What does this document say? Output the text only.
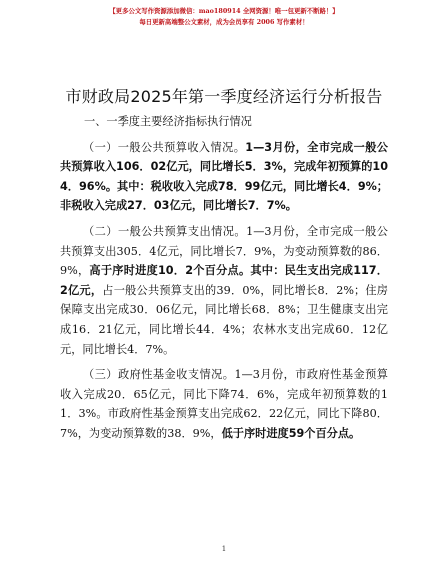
【更多公文写作资源添加微信：mao180914 全网资源！唯一包更新不断路！】
每日更新高端整公文素材，成为会员享有 2006 写作素材！
市财政局2025年第一季度经济运行分析报告

一、一季度主要经济指标执行情况

（一）一般公共预算收入情况。1—3月份，全市完成一般公共预算收入106．02亿元，同比增长5．3%，完成年初预算的104．96%。其中：税收收入完成78．99亿元，同比增长4．9%；非税收入完成27．03亿元，同比增长7．7%。

（二）一般公共预算支出情况。1—3月份，全市完成一般公共预算支出305．4亿元，同比增长7．9%，为变动预算数的86．9%，高于序时进度10．2个百分点。其中：民生支出完成117．2亿元，占一般公共预算支出的39．0%，同比增长8．2%；住房保障支出完成30．06亿元，同比增长68．8%；卫生健康支出完成16．21亿元，同比增长44．4%；农林水支出完成60．12亿元，同比增长4．7%。

（三）政府性基金收支情况。1—3月份，市政府性基金预算收入完成20．65亿元，同比下降74．6%，完成年初预算数的11．3%。市政府性基金预算支出完成62．22亿元，同比下降80．7%，为变动预算数的38．9%，低于序时进度59个百分点。

1
